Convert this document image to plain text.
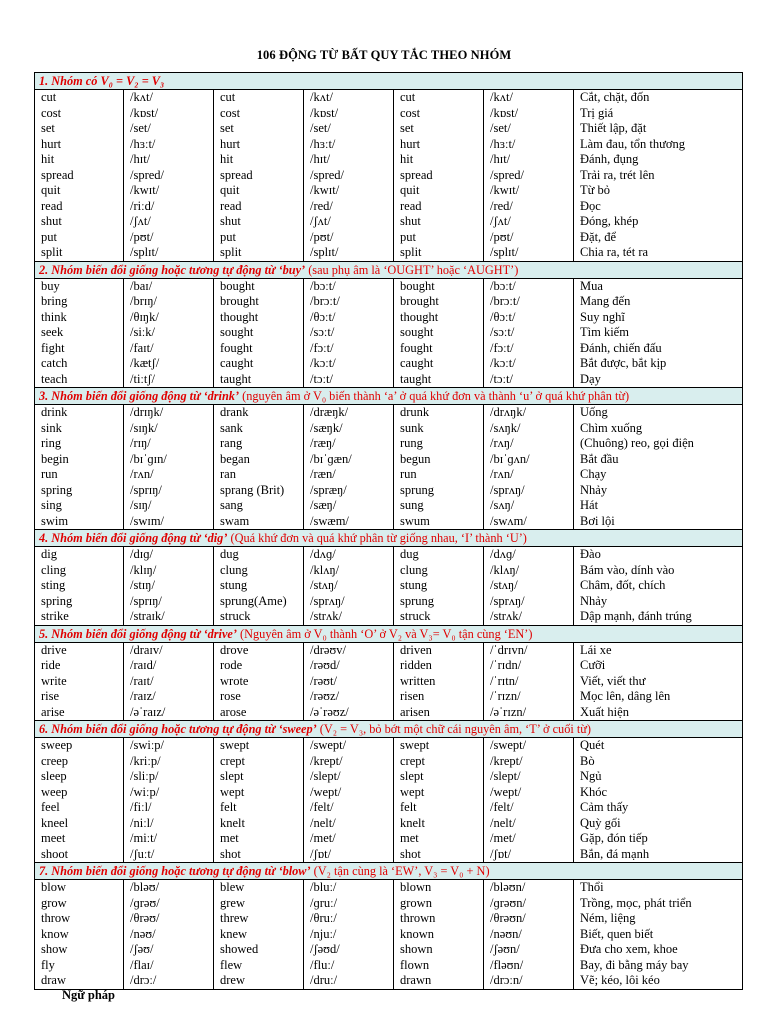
106 ĐỘNG TỪ BẤT QUY TẮC THEO NHÓM
1. Nhóm có V₀ = V₂ = V₃						
cut	/kʌt/	cut	/kʌt/	cut	/kʌt/	Cắt, chặt, đốn
cost	/kɒst/	cost	/kɒst/	cost	/kɒst/	Trị giá
set	/set/	set	/set/	set	/set/	Thiết lập, đặt
hurt	/hɜːt/	hurt	/hɜːt/	hurt	/hɜːt/	Làm đau, tổn thương
hit	/hɪt/	hit	/hɪt/	hit	/hɪt/	Đánh, đụng
spread	/spred/	spread	/spred/	spread	/spred/	Trải ra, trét lên
quit	/kwɪt/	quit	/kwɪt/	quit	/kwɪt/	Từ bỏ
read	/riːd/	read	/red/	read	/red/	Đọc
shut	/ʃʌt/	shut	/ʃʌt/	shut	/ʃʌt/	Đóng, khép
put	/pʊt/	put	/pʊt/	put	/pʊt/	Đặt, để
split	/splɪt/	split	/splɪt/	split	/splɪt/	Chia ra, tét ra
2. Nhóm biến đổi giống hoặc tương tự động từ ‘buy’ (sau phụ âm là ‘OUGHT’ hoặc ‘AUGHT’)						
buy	/baɪ/	bought	/bɔːt/	bought	/bɔːt/	Mua
bring	/brɪŋ/	brought	/brɔːt/	brought	/brɔːt/	Mang đến
think	/θɪŋk/	thought	/θɔːt/	thought	/θɔːt/	Suy nghĩ
seek	/siːk/	sought	/sɔːt/	sought	/sɔːt/	Tìm kiếm
fight	/faɪt/	fought	/fɔːt/	fought	/fɔːt/	Đánh, chiến đấu
catch	/kætʃ/	caught	/kɔːt/	caught	/kɔːt/	Bắt được, bắt kịp
teach	/tiːtʃ/	taught	/tɔːt/	taught	/tɔːt/	Dạy
3. Nhóm biến đổi giống động từ ‘drink’ (nguyên âm ở V₀ biến thành ‘a’ ở quá khứ đơn và thành ‘u’ ở quá khứ phân từ)						
drink	/drɪŋk/	drank	/dræŋk/	drunk	/drʌŋk/	Uống
sink	/sɪŋk/	sank	/sæŋk/	sunk	/sʌŋk/	Chìm xuống
ring	/rɪŋ/	rang	/ræŋ/	rung	/rʌŋ/	(Chuông) reo, gọi điện
begin	/bɪˈɡɪn/	began	/bɪˈɡæn/	begun	/bɪˈɡʌn/	Bắt đầu
run	/rʌn/	ran	/ræn/	run	/rʌn/	Chạy
spring	/sprɪŋ/	sprang (Brit)	/spræŋ/	sprung	/sprʌŋ/	Nhảy
sing	/sɪŋ/	sang	/sæŋ/	sung	/sʌŋ/	Hát
swim	/swɪm/	swam	/swæm/	swum	/swʌm/	Bơi lội
4. Nhóm biến đổi giống động từ ‘dig’ (Quá khứ đơn và quá khứ phân từ giống nhau, ‘I’ thành ‘U’)						
dig	/dɪɡ/	dug	/dʌɡ/	dug	/dʌɡ/	Đào
cling	/klɪŋ/	clung	/klʌŋ/	clung	/klʌŋ/	Bám vào, dính vào
sting	/stɪŋ/	stung	/stʌŋ/	stung	/stʌŋ/	Châm, đốt, chích
spring	/sprɪŋ/	sprung(Ame)	/sprʌŋ/	sprung	/sprʌŋ/	Nhảy
strike	/straɪk/	struck	/strʌk/	struck	/strʌk/	Dập mạnh, đánh trúng
5. Nhóm biến đổi giống động từ ‘drive’ (Nguyên âm ở V₀ thành ‘O’ ở V₂ và V₃= V₀ tận cùng ‘EN’)						
drive	/draɪv/	drove	/drəʊv/	driven	/ˈdrɪvn/	Lái xe
ride	/raɪd/	rode	/rəʊd/	ridden	/ˈrɪdn/	Cưỡi
write	/raɪt/	wrote	/rəʊt/	written	/ˈrɪtn/	Viết, viết thư
rise	/raɪz/	rose	/rəʊz/	risen	/ˈrɪzn/	Mọc lên, dâng lên
arise	/əˈraɪz/	arose	/əˈrəʊz/	arisen	/əˈrɪzn/	Xuất hiện
6. Nhóm biến đổi giống hoặc tương tự động từ ‘sweep’ (V₂ = V₃, bỏ bớt một chữ cái nguyên âm, ‘T’ ở cuối từ)						
sweep	/swiːp/	swept	/swept/	swept	/swept/	Quét
creep	/kriːp/	crept	/krept/	crept	/krept/	Bò
sleep	/sliːp/	slept	/slept/	slept	/slept/	Ngủ
weep	/wiːp/	wept	/wept/	wept	/wept/	Khóc
feel	/fiːl/	felt	/felt/	felt	/felt/	Cảm thấy
kneel	/niːl/	knelt	/nelt/	knelt	/nelt/	Quỳ gối
meet	/miːt/	met	/met/	met	/met/	Gặp, đón tiếp
shoot	/ʃuːt/	shot	/ʃɒt/	shot	/ʃɒt/	Bắn, đá mạnh
7. Nhóm biến đổi giống hoặc tương tự động từ ‘blow’ (V₂ tận cùng là ‘EW’, V₃ = V₀ + N)						
blow	/bləʊ/	blew	/bluː/	blown	/bləʊn/	Thổi
grow	/ɡrəʊ/	grew	/ɡruː/	grown	/ɡrəʊn/	Trồng, mọc, phát triển
throw	/θrəʊ/	threw	/θruː/	thrown	/θrəʊn/	Ném, liệng
know	/nəʊ/	knew	/njuː/	known	/nəʊn/	Biết, quen biết
show	/ʃəʊ/	showed	/ʃəʊd/	shown	/ʃəʊn/	Đưa cho xem, khoe
fly	/flaɪ/	flew	/fluː/	flown	/fləʊn/	Bay, đi bằng máy bay
draw	/drɔː/	drew	/druː/	drawn	/drɔːn/	Vẽ; kéo, lôi kéo
Ngữ pháp
